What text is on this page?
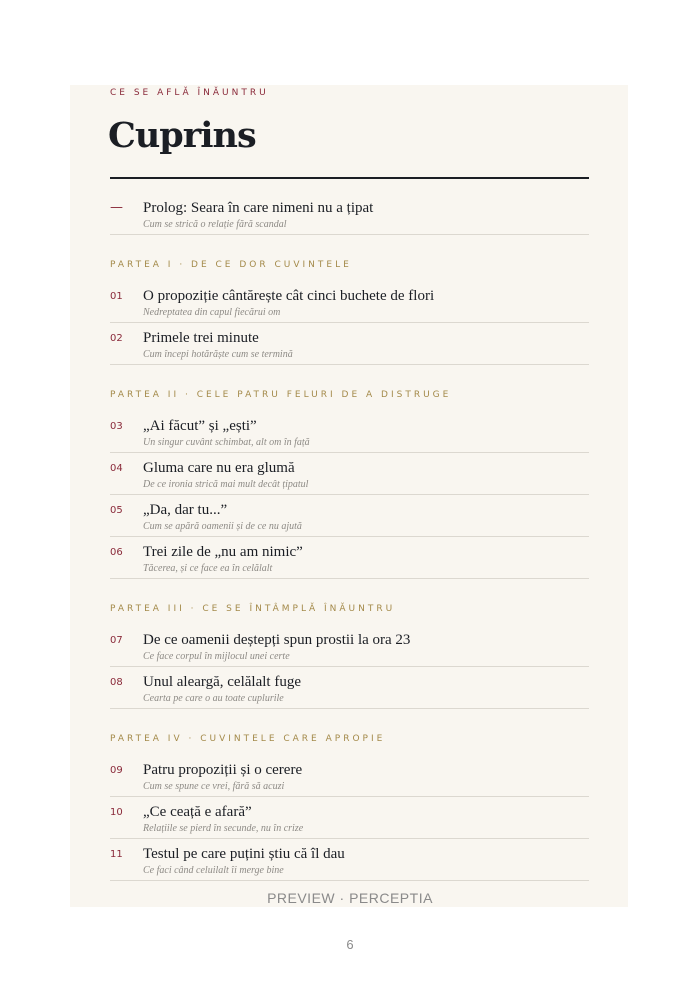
CE SE AFLĂ ÎNĂUNTRU
Cuprins
— Prolog: Seara în care nimeni nu a țipat
Cum se strică o relație fără scandal
PARTEA I · DE CE DOR CUVINTELE
01 O propoziție cântărește cât cinci buchete de flori
Nedreptatea din capul fiecărui om
02 Primele trei minute
Cum începi hotărăște cum se termină
PARTEA II · CELE PATRU FELURI DE A DISTRUGE
03 „Ai făcut” și „ești”
Un singur cuvânt schimbat, alt om în față
04 Gluma care nu era glumă
De ce ironia strică mai mult decât țipatul
05 „Da, dar tu...”
Cum se apără oamenii și de ce nu ajută
06 Trei zile de „nu am nimic”
Tăcerea, și ce face ea în celălalt
PARTEA III · CE SE ÎNTÂMPLĂ ÎNĂUNTRU
07 De ce oamenii deștepți spun prostii la ora 23
Ce face corpul în mijlocul unei certe
08 Unul aleargă, celălalt fuge
Cearta pe care o au toate cuplurile
PARTEA IV · CUVINTELE CARE APROPIE
09 Patru propoziții și o cerere
Cum se spune ce vrei, fără să acuzi
10 „Ce ceață e afară”
Relațiile se pierd în secunde, nu în crize
11 Testul pe care puțini știu că îl dau
Ce faci când celuilalt îi merge bine
PREVIEW · PERCEPTIA
6
